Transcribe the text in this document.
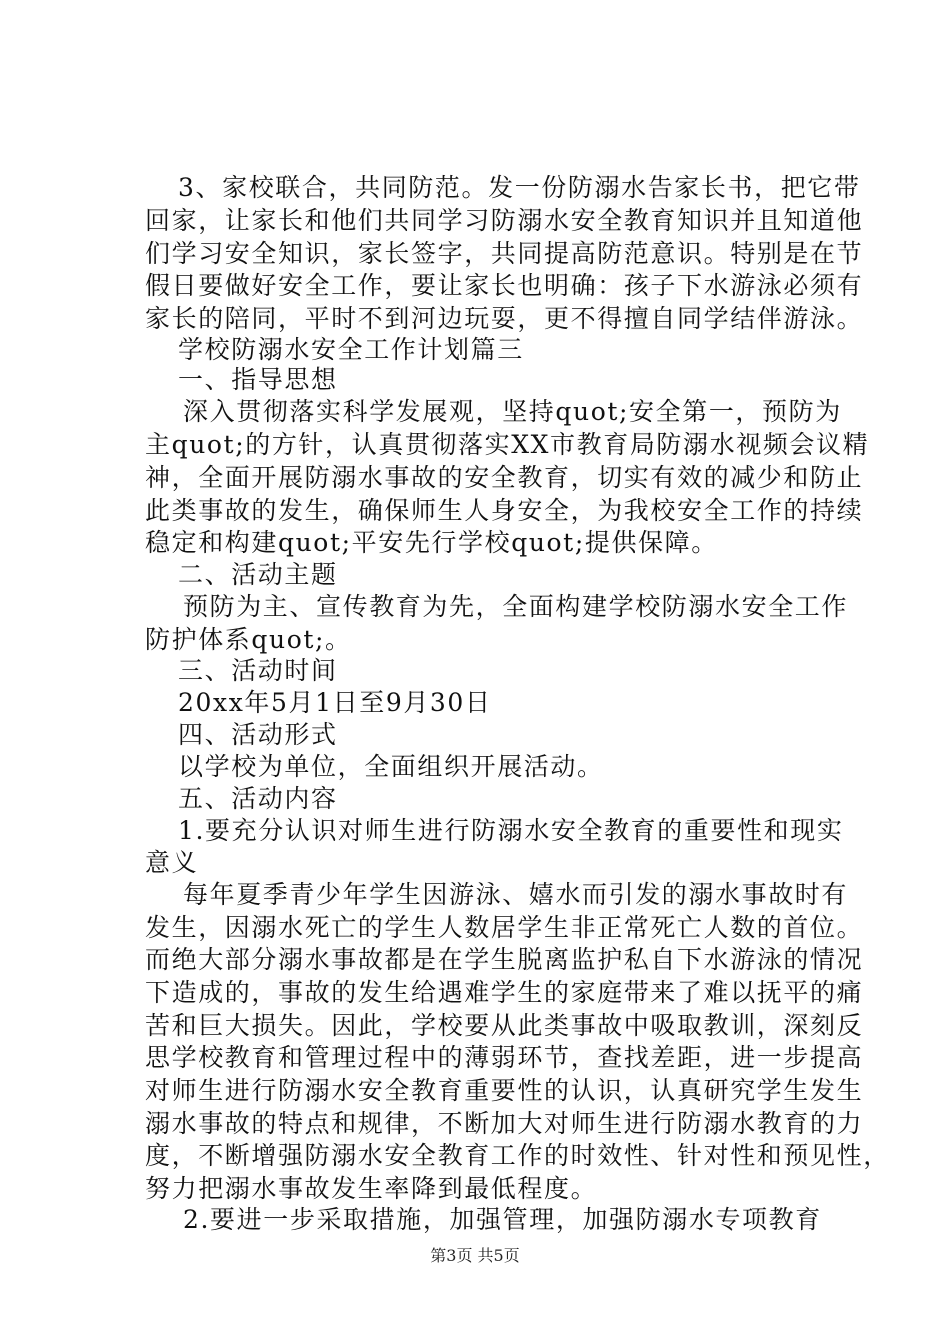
3、家校联合，共同防范。发一份防溺水告家长书，把它带
回家，让家长和他们共同学习防溺水安全教育知识并且知道他
们学习安全知识，家长签字，共同提高防范意识。特别是在节
假日要做好安全工作，要让家长也明确：孩子下水游泳必须有
家长的陪同，平时不到河边玩耍，更不得擅自同学结伴游泳。
学校防溺水安全工作计划篇三
一、指导思想
深入贯彻落实科学发展观，坚持quot;安全第一，预防为
主quot;的方针，认真贯彻落实XX市教育局防溺水视频会议精
神，全面开展防溺水事故的安全教育，切实有效的减少和防止
此类事故的发生，确保师生人身安全，为我校安全工作的持续
稳定和构建quot;平安先行学校quot;提供保障。
二、活动主题
预防为主、宣传教育为先，全面构建学校防溺水安全工作
防护体系quot;。
三、活动时间
20xx年5月1日至9月30日
四、活动形式
以学校为单位，全面组织开展活动。
五、活动内容
1.要充分认识对师生进行防溺水安全教育的重要性和现实
意义
每年夏季青少年学生因游泳、嬉水而引发的溺水事故时有
发生，因溺水死亡的学生人数居学生非正常死亡人数的首位。
而绝大部分溺水事故都是在学生脱离监护私自下水游泳的情况
下造成的，事故的发生给遇难学生的家庭带来了难以抚平的痛
苦和巨大损失。因此，学校要从此类事故中吸取教训，深刻反
思学校教育和管理过程中的薄弱环节，查找差距，进一步提高
对师生进行防溺水安全教育重要性的认识，认真研究学生发生
溺水事故的特点和规律，不断加大对师生进行防溺水教育的力
度，不断增强防溺水安全教育工作的时效性、针对性和预见性，
努力把溺水事故发生率降到最低程度。
2.要进一步采取措施，加强管理，加强防溺水专项教育
第3页 共5页
